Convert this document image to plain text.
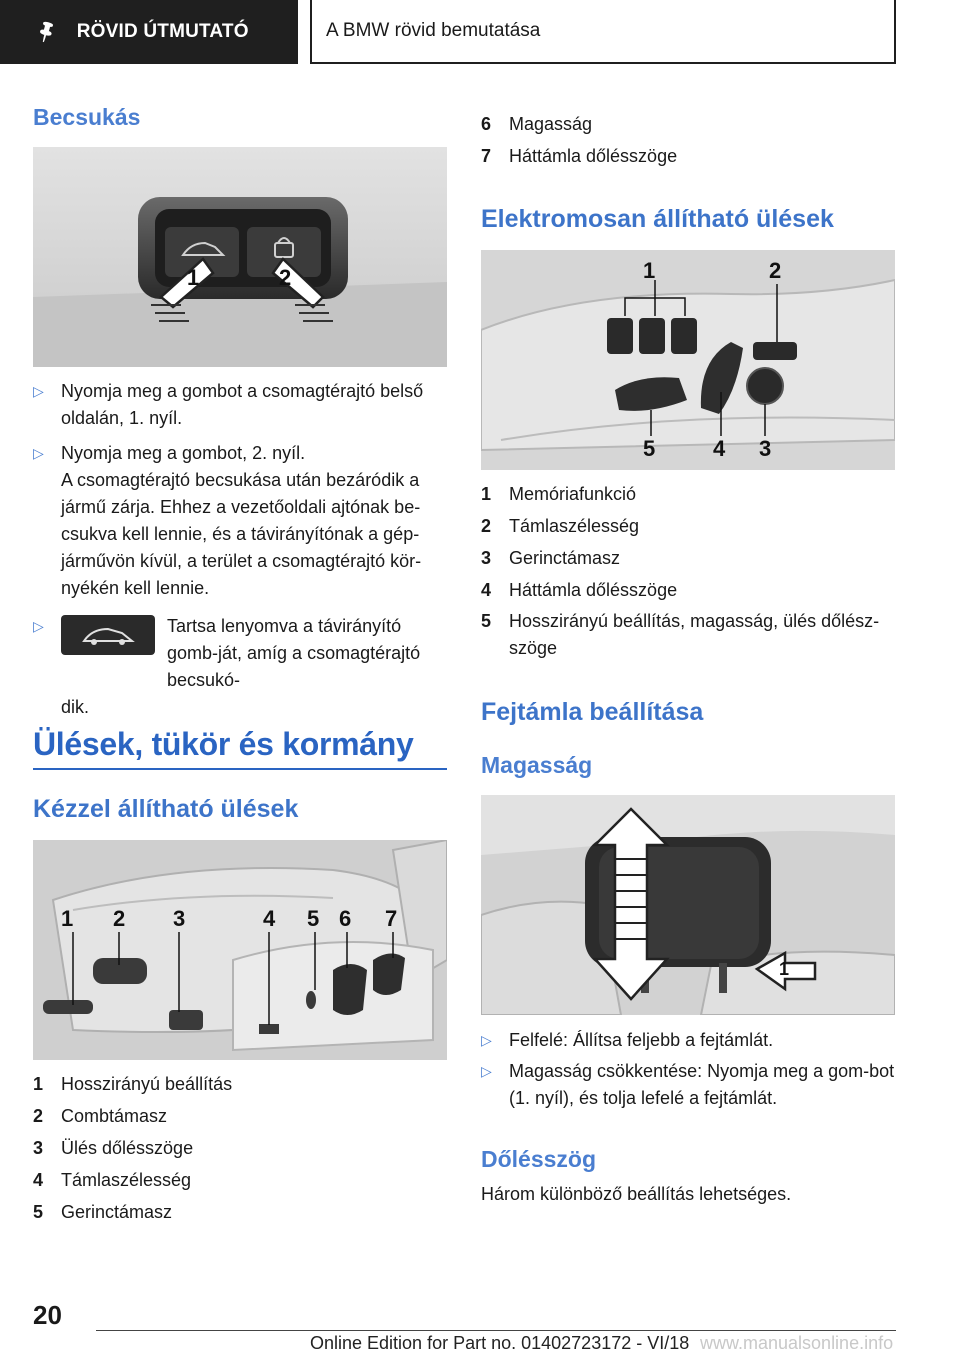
🖈 RÖVID ÚTMUTATÓ	A BMW rövid bemutatása
Becsukás
1	2
▷ Nyomja meg a gombot a csomagtérajtó belső oldalán, 1. nyíl.
▷ Nyomja meg a gombot, 2. nyíl.
A csomagtérajtó becsukása után bezáródik a jármű zárja. Ehhez a vezetőoldali ajtónak be-csukva kell lennie, és a távirányítónak a gép-járművön kívül, a terület a csomagtérajtó kör-nyékén kell lennie.
▷	Tartsa lenyomva a távirányító gomb-ját, amíg a csomagtérajtó becsukó-
dik.
Ülések, tükör és kormány
Kézzel állítható ülések
1 2 3	4 5 6 7
1 Hosszirányú beállítás
2 Combtámasz
3 Ülés dőlésszöge
4 Támlaszélesség
5 Gerinctámasz
6 Magasság
7 Háttámla dőlésszöge
Elektromosan állítható ülések
1	2
5	4 3
1 Memóriafunkció
2 Támlaszélesség
3 Gerinctámasz
4 Háttámla dőlésszöge
5 Hosszirányú beállítás, magasság, ülés dőlész-szöge
Fejtámla beállítása
Magasság
1
▷ Felfelé: Állítsa feljebb a fejtámlát.
▷ Magasság csökkentése: Nyomja meg a gom-bot (1. nyíl), és tolja lefelé a fejtámlát.
Dőlésszög
Három különböző beállítás lehetséges.
20
Online Edition for Part no. 01402723172 - VI/18 www.manualsonline.info
